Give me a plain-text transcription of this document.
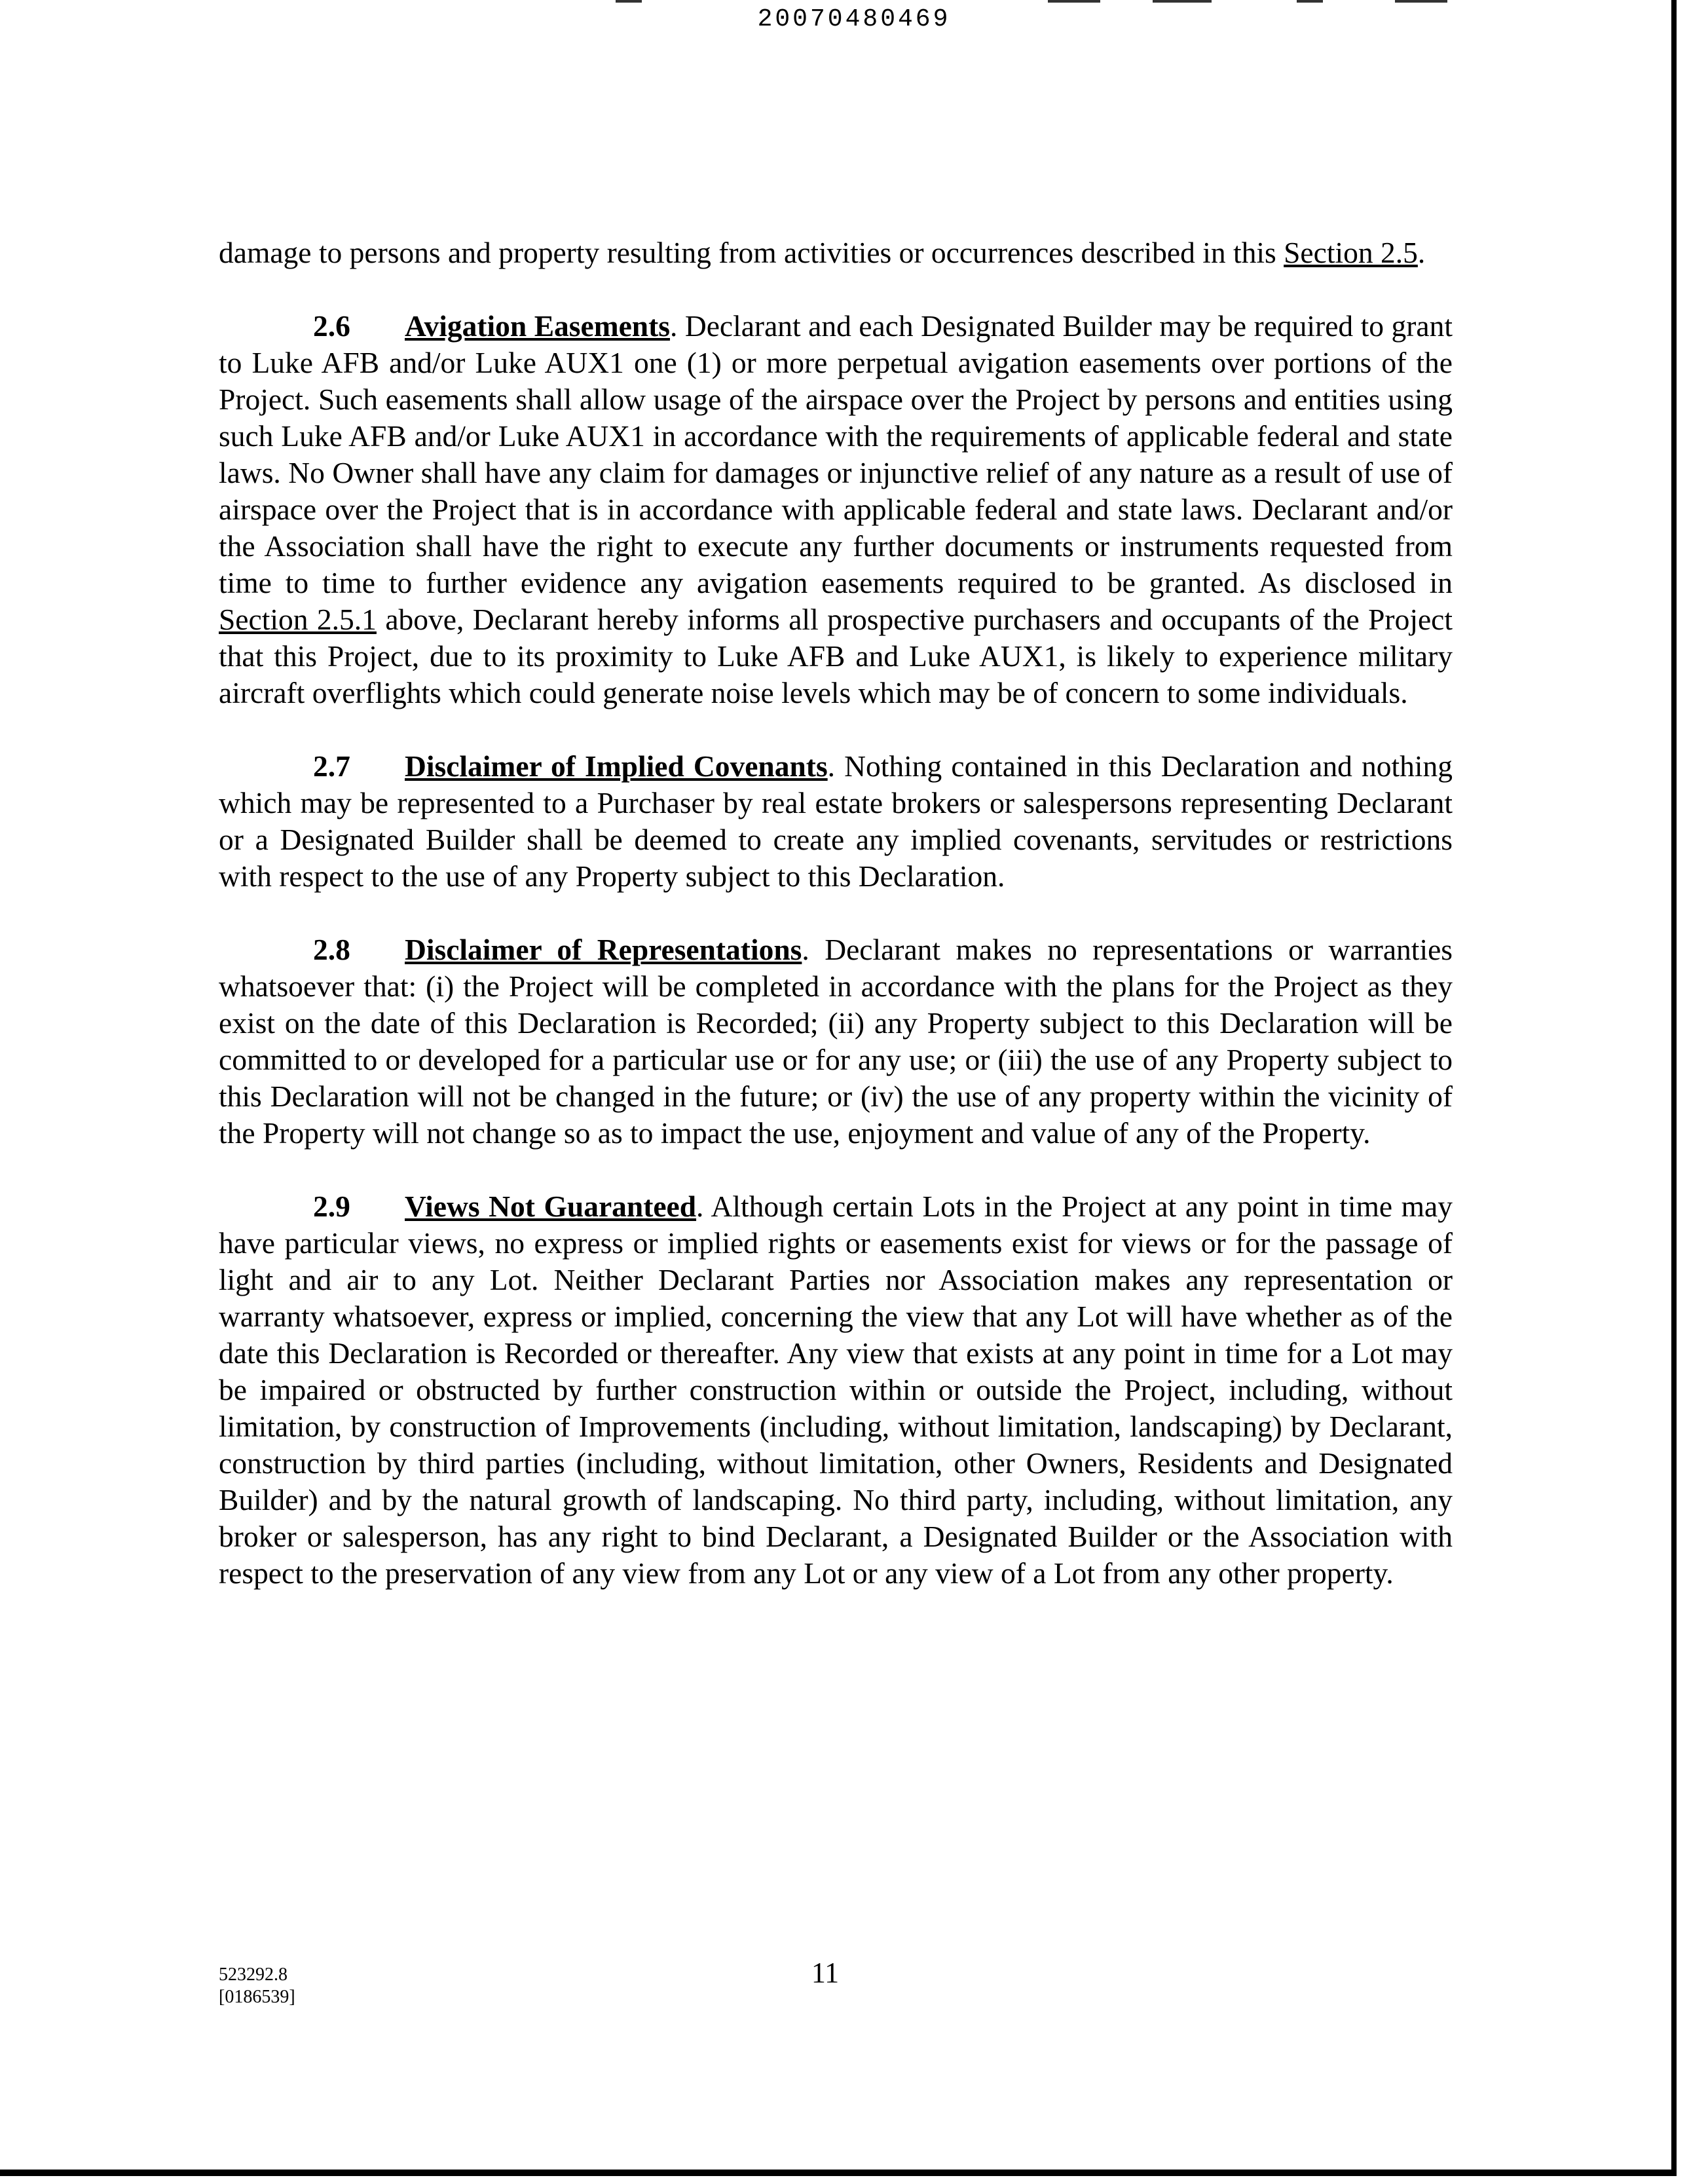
20070480469

damage to persons and property resulting from activities or occurrences described in this Section 2.5.

2.6 Avigation Easements. Declarant and each Designated Builder may be required to grant to Luke AFB and/or Luke AUX1 one (1) or more perpetual avigation easements over portions of the Project. Such easements shall allow usage of the airspace over the Project by persons and entities using such Luke AFB and/or Luke AUX1 in accordance with the requirements of applicable federal and state laws. No Owner shall have any claim for damages or injunctive relief of any nature as a result of use of airspace over the Project that is in accordance with applicable federal and state laws. Declarant and/or the Association shall have the right to execute any further documents or instruments requested from time to time to further evidence any avigation easements required to be granted. As disclosed in Section 2.5.1 above, Declarant hereby informs all prospective purchasers and occupants of the Project that this Project, due to its proximity to Luke AFB and Luke AUX1, is likely to experience military aircraft overflights which could generate noise levels which may be of concern to some individuals.

2.7 Disclaimer of Implied Covenants. Nothing contained in this Declaration and nothing which may be represented to a Purchaser by real estate brokers or salespersons representing Declarant or a Designated Builder shall be deemed to create any implied covenants, servitudes or restrictions with respect to the use of any Property subject to this Declaration.

2.8 Disclaimer of Representations. Declarant makes no representations or warranties whatsoever that: (i) the Project will be completed in accordance with the plans for the Project as they exist on the date of this Declaration is Recorded; (ii) any Property subject to this Declaration will be committed to or developed for a particular use or for any use; or (iii) the use of any Property subject to this Declaration will not be changed in the future; or (iv) the use of any property within the vicinity of the Property will not change so as to impact the use, enjoyment and value of any of the Property.

2.9 Views Not Guaranteed. Although certain Lots in the Project at any point in time may have particular views, no express or implied rights or easements exist for views or for the passage of light and air to any Lot. Neither Declarant Parties nor Association makes any representation or warranty whatsoever, express or implied, concerning the view that any Lot will have whether as of the date this Declaration is Recorded or thereafter. Any view that exists at any point in time for a Lot may be impaired or obstructed by further construction within or outside the Project, including, without limitation, by construction of Improvements (including, without limitation, landscaping) by Declarant, construction by third parties (including, without limitation, other Owners, Residents and Designated Builder) and by the natural growth of landscaping. No third party, including, without limitation, any broker or salesperson, has any right to bind Declarant, a Designated Builder or the Association with respect to the preservation of any view from any Lot or any view of a Lot from any other property.

11
523292.8
[0186539]
